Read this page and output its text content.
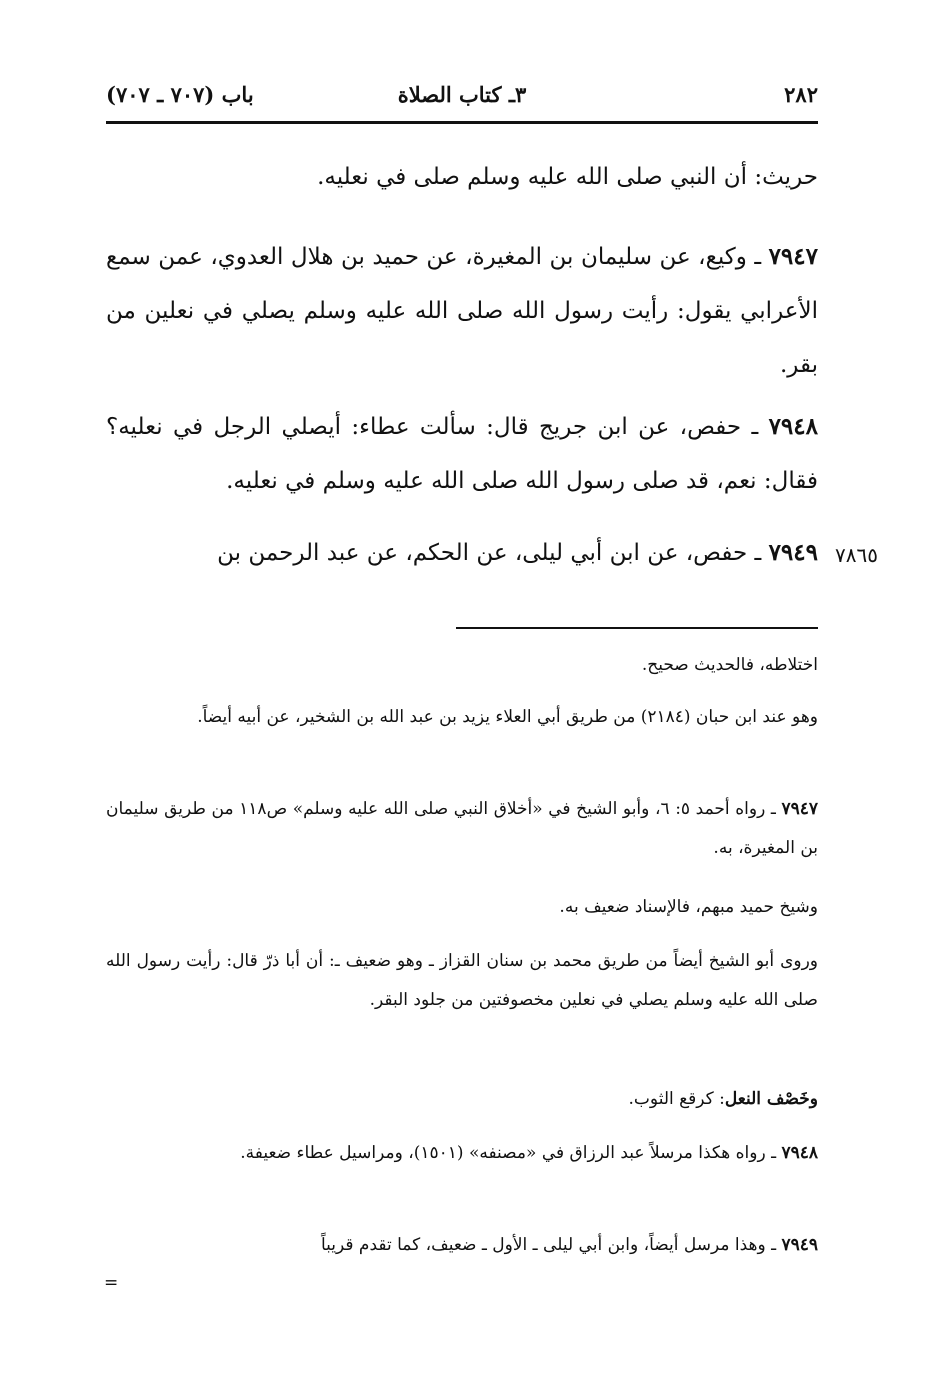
٢٨٢
٣ـ كتاب الصلاة
باب (٧٠٧ ـ ٧٠٧)
حريث: أن النبي صلى الله عليه وسلم صلى في نعليه.
٧٩٤٧ ـ وكيع، عن سليمان بن المغيرة، عن حميد بن هلال العدوي، عمن سمع الأعرابي يقول: رأيت رسول الله صلى الله عليه وسلم يصلي في نعلين من بقر.
٧٩٤٨ ـ حفص، عن ابن جريج قال: سألت عطاء: أيصلي الرجل في نعليه؟ فقال: نعم، قد صلى رسول الله صلى الله عليه وسلم في نعليه.
٧٩٤٩ ـ حفص، عن ابن أبي ليلى، عن الحكم، عن عبد الرحمن بن	٧٨٦٥
اختلاطه، فالحديث صحيح.
وهو عند ابن حبان (٢١٨٤) من طريق أبي العلاء يزيد بن عبد الله بن الشخير، عن أبيه أيضاً.
٧٩٤٧ ـ رواه أحمد ٥: ٦، وأبو الشيخ في «أخلاق النبي صلى الله عليه وسلم» ص١١٨ من طريق سليمان بن المغيرة، به.
وشيخ حميد مبهم، فالإسناد ضعيف به.
وروى أبو الشيخ أيضاً من طريق محمد بن سنان القزاز ـ وهو ضعيف ـ: أن أبا ذرّ قال: رأيت رسول الله صلى الله عليه وسلم يصلي في نعلين مخصوفتين من جلود البقر.
وخَصْف النعل: كرقع الثوب.
٧٩٤٨ ـ رواه هكذا مرسلاً عبد الرزاق في «مصنفه» (١٥٠١)، ومراسيل عطاء ضعيفة.
٧٩٤٩ ـ وهذا مرسل أيضاً، وابن أبي ليلى ـ الأول ـ ضعيف، كما تقدم قريباً
=
